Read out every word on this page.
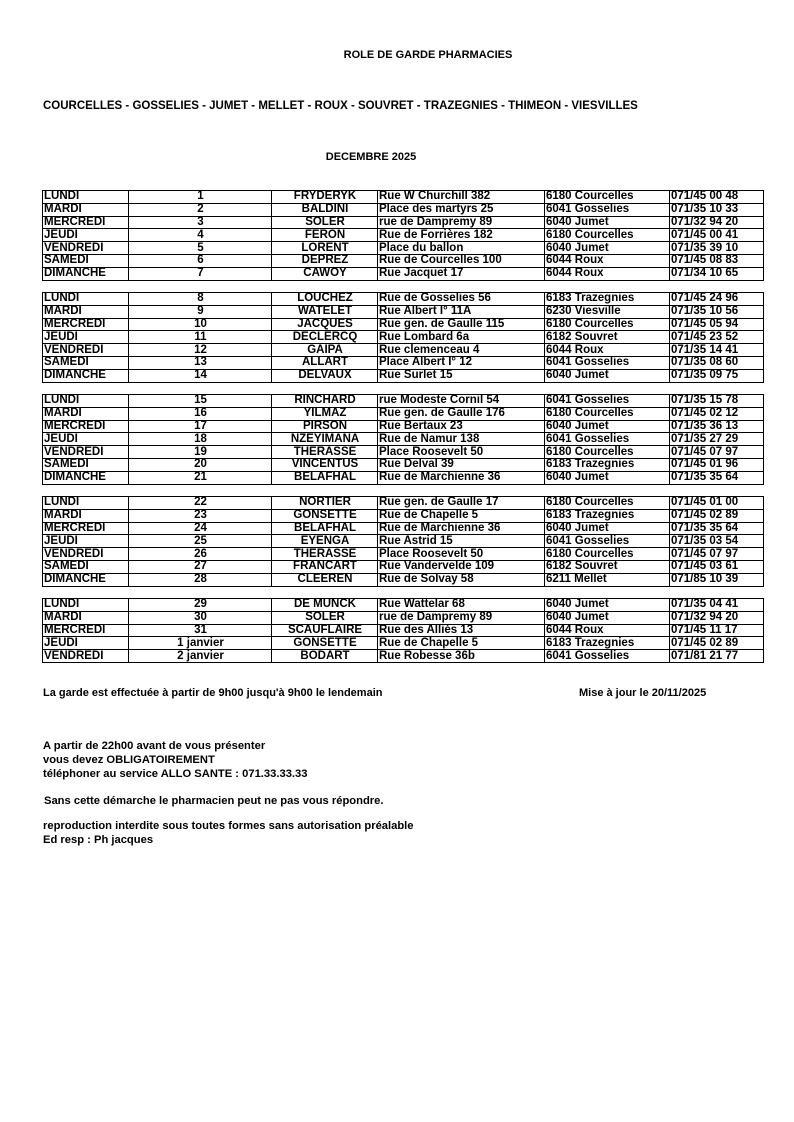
ROLE DE GARDE PHARMACIES
COURCELLES - GOSSELIES - JUMET - MELLET - ROUX - SOUVRET - TRAZEGNIES - THIMEON - VIESVILLES
DECEMBRE 2025
LUNDI	1	FRYDERYK	Rue W Churchill 382	6180 Courcelles	071/45 00 48
MARDI	2	BALDINI	Place des martyrs 25	6041 Gosselies	071/35 10 33
MERCREDI	3	SOLER	rue de Dampremy 89	6040 Jumet	071/32 94 20
JEUDI	4	FERON	Rue de Forrières 182	6180 Courcelles	071/45 00 41
VENDREDI	5	LORENT	Place du ballon	6040 Jumet	071/35 39 10
SAMEDI	6	DEPREZ	Rue de Courcelles 100	6044 Roux	071/45 08 83
DIMANCHE	7	CAWOY	Rue Jacquet 17	6044 Roux	071/34 10 65
LUNDI	8	LOUCHEZ	Rue de Gosselies 56	6183 Trazegnies	071/45 24 96
MARDI	9	WATELET	Rue Albert I° 11A	6230 Viesville	071/35 10 56
MERCREDI	10	JACQUES	Rue gen. de Gaulle 115	6180 Courcelles	071/45 05 94
JEUDI	11	DECLERCQ	Rue Lombard 6a	6182 Souvret	071/45 23 52
VENDREDI	12	GAIPA	Rue clemenceau 4	6044 Roux	071/35 14 41
SAMEDI	13	ALLART	Place Albert I° 12	6041 Gosselies	071/35 08 60
DIMANCHE	14	DELVAUX	Rue Surlet 15	6040 Jumet	071/35 09 75
LUNDI	15	RINCHARD	rue Modeste Cornil 54	6041 Gosselies	071/35 15 78
MARDI	16	YILMAZ	Rue gen. de Gaulle 176	6180 Courcelles	071/45 02 12
MERCREDI	17	PIRSON	Rue Bertaux 23	6040 Jumet	071/35 36 13
JEUDI	18	NZEYIMANA	Rue de Namur 138	6041 Gosselies	071/35 27 29
VENDREDI	19	THERASSE	Place Roosevelt 50	6180 Courcelles	071/45 07 97
SAMEDI	20	VINCENTUS	Rue Delval 39	6183 Trazegnies	071/45 01 96
DIMANCHE	21	BELAFHAL	Rue de Marchienne 36	6040 Jumet	071/35 35 64
LUNDI	22	NORTIER	Rue gen. de Gaulle 17	6180 Courcelles	071/45 01 00
MARDI	23	GONSETTE	Rue de Chapelle 5	6183 Trazegnies	071/45 02 89
MERCREDI	24	BELAFHAL	Rue de Marchienne 36	6040 Jumet	071/35 35 64
JEUDI	25	EYENGA	Rue Astrid 15	6041 Gosselies	071/35 03 54
VENDREDI	26	THERASSE	Place Roosevelt 50	6180 Courcelles	071/45 07 97
SAMEDI	27	FRANCART	Rue Vandervelde 109	6182 Souvret	071/45 03 61
DIMANCHE	28	CLEEREN	Rue de Solvay 58	6211 Mellet	071/85 10 39
LUNDI	29	DE MUNCK	Rue Wattelar 68	6040 Jumet	071/35 04 41
MARDI	30	SOLER	rue de Dampremy 89	6040 Jumet	071/32 94 20
MERCREDI	31	SCAUFLAIRE	Rue des Alliés 13	6044 Roux	071/45 11 17
JEUDI	1 janvier	GONSETTE	Rue de Chapelle 5	6183 Trazegnies	071/45 02 89
VENDREDI	2 janvier	BODART	Rue Robesse 36b	6041 Gosselies	071/81 21 77
La garde est effectuée à partir de 9h00 jusqu'à 9h00 le lendemain	Mise à jour le 20/11/2025
A partir de 22h00 avant de vous présenter
vous devez OBLIGATOIREMENT
téléphoner au service ALLO SANTE : 071.33.33.33
Sans cette démarche le pharmacien peut ne pas vous répondre.
reproduction interdite sous toutes formes sans autorisation préalable
Ed resp : Ph jacques
